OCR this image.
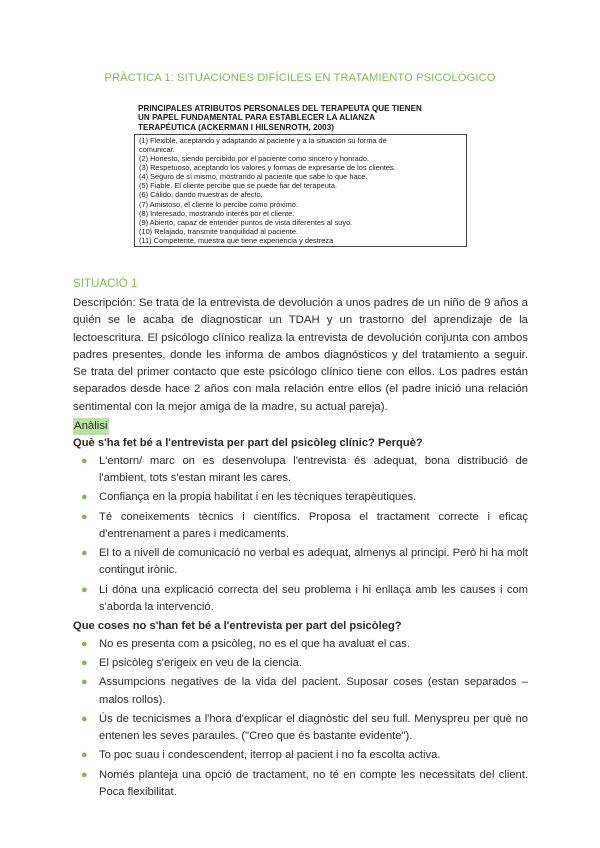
PRÀCTICA 1: SITUACIONES DIFÍCILES EN TRATAMIENTO PSICOLÓGICO
PRINCIPALES ATRIBUTOS PERSONALES DEL TERAPEUTA QUE TIENEN
UN PAPEL FUNDAMENTAL PARA ESTABLECER LA ALIANZA
TERAPÉUTICA (ACKERMAN I HILSENROTH, 2003)
(1) Flexible, aceptando y adaptando al paciente y a la situación su forma de
comunicar.
(2) Honesto, siendo percibido por el paciente como sincero y honrado.
(3) Respetuoso, aceptando los valores y formas de expresarse de los clientes.
(4) Seguro de sí mismo, mostrando al paciente que sabe lo que hace.
(5) Fiable. El cliente percibe que se puede fiar del terapeuta.
(6) Cálido, dando muestras de afecto.
(7) Amistoso, el cliente lo percibe como próximo.
(8) Interesado, mostrando interés por el cliente.
(9) Abierto, capaz de entender puntos de vista diferentes al suyo.
(10) Relajado, transmite tranquilidad al paciente.
(11) Competente, muestra que tiene experiencia y destreza
SITUACIÓ 1

Descripción: Se trata de la entrevista de devolución a unos padres de un niño de 9 años a quién se le acaba de diagnosticar un TDAH y un trastorno del aprendizaje de la lectoescritura. El psicólogo clínico realiza la entrevista de devolución conjunta con ambos padres presentes, donde les informa de ambos diagnósticos y del tratamiento a seguir. Se trata del primer contacto que este psicólogo clínico tiene con ellos. Los padres están separados desde hace 2 años con mala relación entre ellos (el padre inició una relación sentimental con la mejor amiga de la madre, su actual pareja).

Anàlisi

Què s'ha fet bé a l'entrevista per part del psicòleg clínic? Perquè?

● L'entorn/ marc on es desenvolupa l'entrevista és adequat, bona distribució de l'ambient, tots s'estan mirant les cares.
● Confiança en la propia habilitat i en les tècniques terapèutiques.
● Té coneixements tècnics i científics. Proposa el tractament correcte i eficaç d'entrenament a pares i medicaments.
● El to a nivell de comunicació no verbal es adequat, almenys al principi. Però hi ha molt contingut irònic.
● Li dóna una explicació correcta del seu problema i hi enllaça amb les causes i com s'aborda la intervenció.

Que coses no s'han fet bé a l'entrevista per part del psicòleg?

● No es presenta com a psicòleg, no es el que ha avaluat el cas.
● El psicòleg s'erigeix en veu de la ciencia.
● Assumpcions negatives de la vida del pacient. Suposar coses (estan separados – malos rollos).
● Ús de tecnicismes a l'hora d'explicar el diagnòstic del seu full. Menyspreu per què no entenen les seves paraules. ("Creo que és bastante evidente").
● To poc suau i condescendent, iterrop al pacient i no fa escolta activa.
● Només planteja una opció de tractament, no té en compte les necessitats del client. Poca flexibilitat.
